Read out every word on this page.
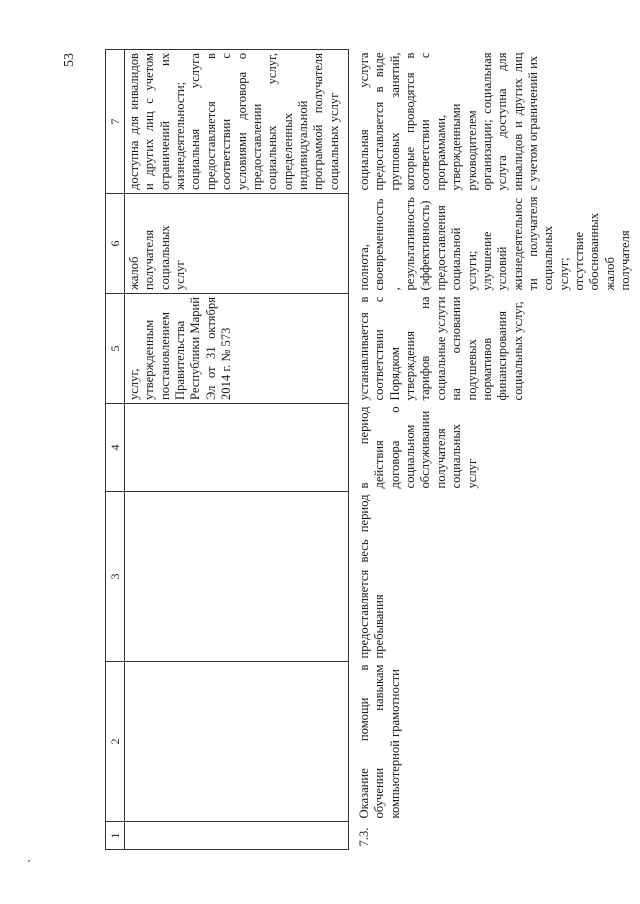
53
1	2	3	4	5	6	7
				услуг, утвержденным постановлением Правительства Республики Марий Эл от 31 октября 2014 г. № 573	жалоб получателя социальных услуг	доступна для инвалидов и других лиц с учетом ограничений их жизнедеятельности; социальная услуга предоставляется в соответствии с условиями договора о предоставлении социальных услуг, определенных индивидуальной программой получателя социальных услуг
7.3.	Оказание помощи в обучении навыкам компьютерной грамотности	предоставляется весь период пребывания	в период действия договора о социальном обслуживании получателя социальных услуг	устанавливается в соответствии с Порядком утверждения тарифов на социальные услуги на основании подушевых нормативов финансирования социальных услуг,	полнота, своевременность, результативность (эффективность) предоставления социальной услуги; улучшение условий жизнедеятельности получателя социальных услуг; отсутствие обоснованных жалоб получателя	социальная услуга предоставляется в виде групповых занятий, которые проводятся в соответствии с программами, утвержденными руководителем организации; социальная услуга доступна для инвалидов и других лиц с учетом ограничений их
